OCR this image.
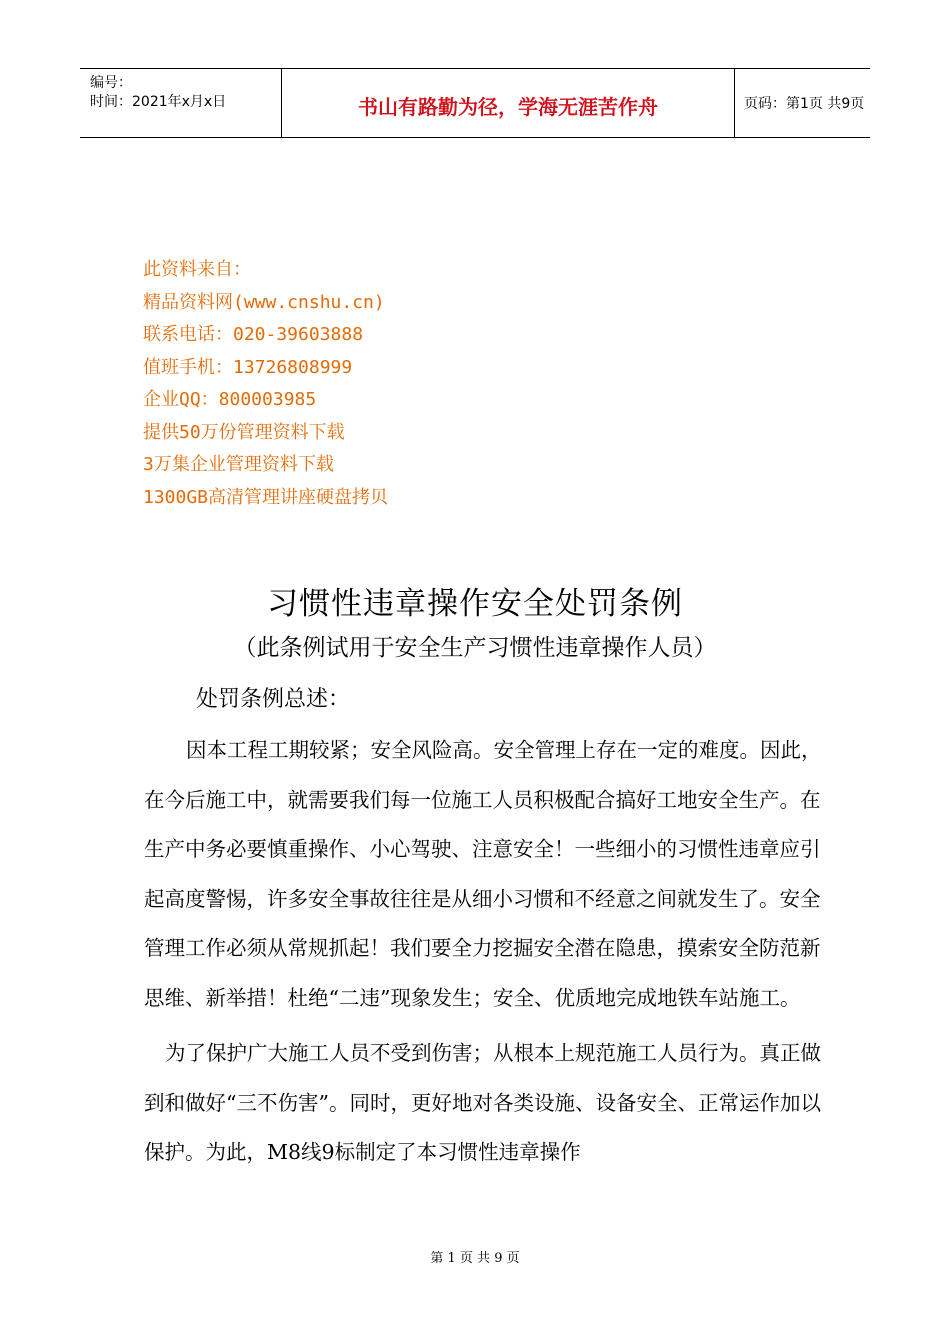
编号：
时间：2021年x月x日	书山有路勤为径，学海无涯苦作舟	页码：第1页 共9页
此资料来自：
精品资料网(www.cnshu.cn)
联系电话：020-39603888
值班手机：13726808999
企业QQ：800003985
提供50万份管理资料下载
3万集企业管理资料下载
1300GB高清管理讲座硬盘拷贝
习惯性违章操作安全处罚条例
（此条例试用于安全生产习惯性违章操作人员）
处罚条例总述：

因本工程工期较紧；安全风险高。安全管理上存在一定的难度。因此，在今后施工中，就需要我们每一位施工人员积极配合搞好工地安全生产。在生产中务必要慎重操作、小心驾驶、注意安全！一些细小的习惯性违章应引起高度警惕，许多安全事故往往是从细小习惯和不经意之间就发生了。安全管理工作必须从常规抓起！我们要全力挖掘安全潜在隐患，摸索安全防范新思维、新举措！杜绝“二违”现象发生；安全、优质地完成地铁车站施工。

为了保护广大施工人员不受到伤害；从根本上规范施工人员行为。真正做到和做好“三不伤害”。同时，更好地对各类设施、设备安全、正常运作加以保护。为此，M8线9标制定了本习惯性违章操作

第 1 页 共 9 页
